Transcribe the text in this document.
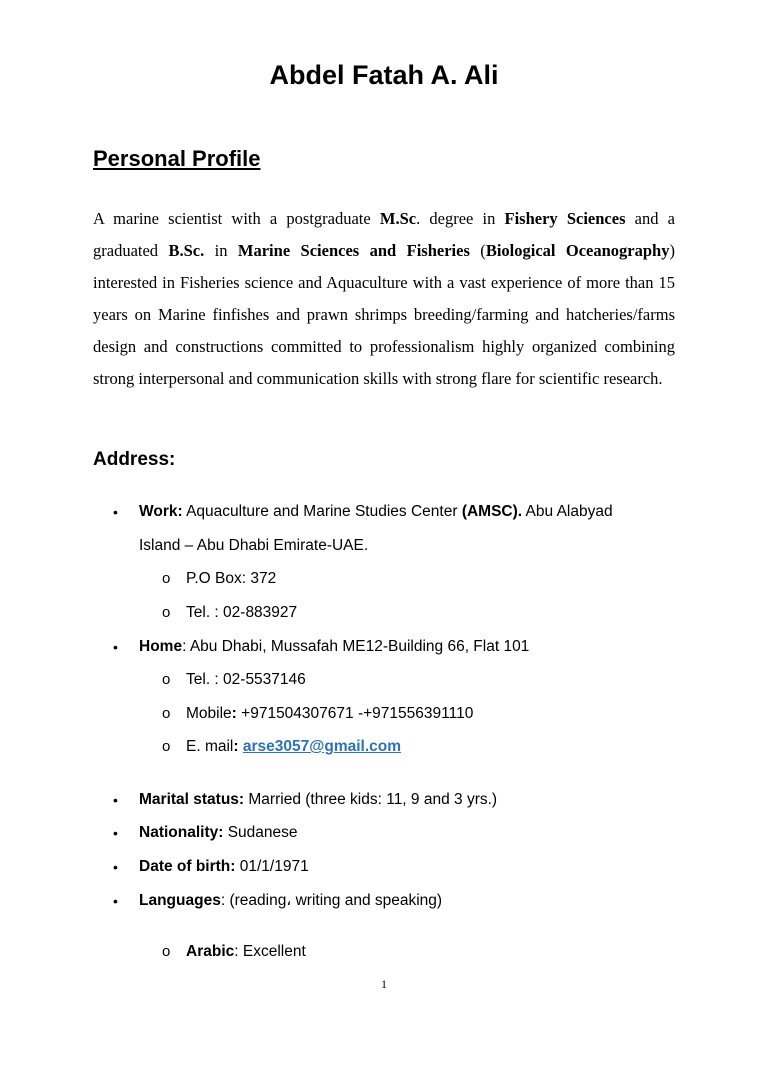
Abdel Fatah A. Ali
Personal Profile
A marine scientist with a postgraduate M.Sc. degree in Fishery Sciences and a graduated B.Sc. in Marine Sciences and Fisheries (Biological Oceanography) interested in Fisheries science and Aquaculture with a vast experience of more than 15 years on Marine finfishes and prawn shrimps breeding/farming and hatcheries/farms design and constructions committed to professionalism highly organized combining strong interpersonal and communication skills with strong flare for scientific research.
Address:
•	Work: Aquaculture and Marine Studies Center (AMSC). Abu Alabyad
Island – Abu Dhabi Emirate-UAE.
o P.O Box: 372
o Tel. : 02-883927
•	Home: Abu Dhabi, Mussafah ME12-Building 66, Flat 101
o Tel. : 02-5537146
o Mobile: +971504307671 -+971556391110
o E. mail: arse3057@gmail.com
•	Marital status: Married (three kids: 11, 9 and 3 yrs.)
•	Nationality: Sudanese
•	Date of birth: 01/1/1971
•	Languages: (reading، writing and speaking)
o Arabic: Excellent
1
